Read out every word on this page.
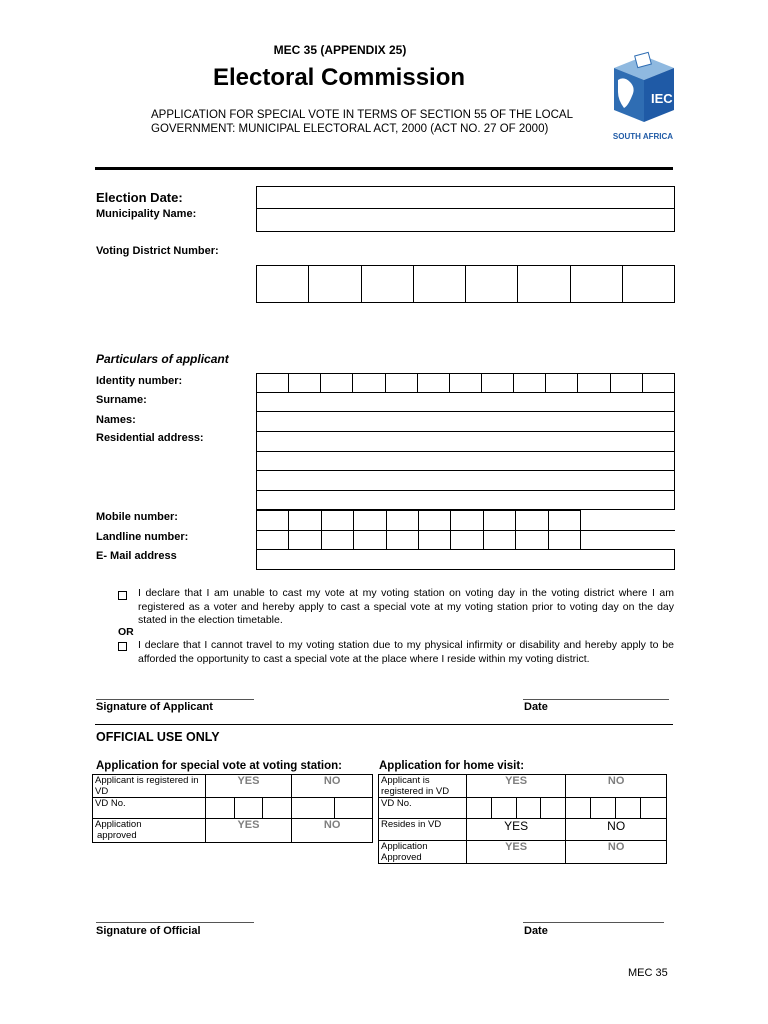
MEC 35 (APPENDIX 25)
Electoral Commission
APPLICATION FOR SPECIAL VOTE IN TERMS OF SECTION 55 OF THE LOCAL
GOVERNMENT: MUNICIPAL ELECTORAL ACT, 2000 (ACT NO. 27 OF 2000)
IEC
SOUTH AFRICA
Election Date:
Municipality Name:
Voting District Number:

Particulars of applicant
Identity number:
Surname:
Names:
Residential address:
Mobile number:
Landline number:
E- Mail address

I declare that I am unable to cast my vote at my voting station on voting day in the voting district where I am registered as a voter and hereby apply to cast a special vote at my voting station prior to voting day on the day stated in the election timetable.
OR
I declare that I cannot travel to my voting station due to my physical infirmity or disability and hereby apply to be afforded the opportunity to cast a special vote at the place where I reside within my voting district.
Signature of Applicant	Date
OFFICIAL USE ONLY
Application for special vote at voting station:	Application for home visit:
Applicant is registered in VD	YES			NO	
VD No.					

Application
approved	YES			NO	
Applicant is
registered in VD	YES				NO			
VD No.								
Resides in VD	YES				NO			

Application
Approved	YES				NO			
Signature of Official	Date
MEC 35
